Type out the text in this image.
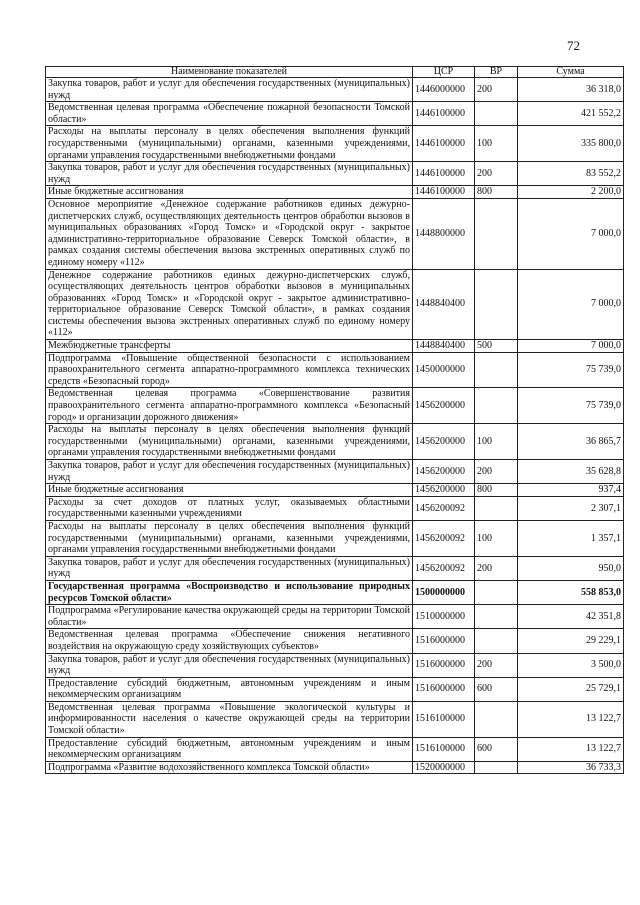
72
Наименование показателей	ЦСР	ВР	Сумма
Закупка товаров, работ и услуг для обеспечения государственных (муниципальных) нужд	1446000000	200	36 318,0
Ведомственная целевая программа «Обеспечение пожарной безопасности Томской области»	1446100000		421 552,2
Расходы на выплаты персоналу в целях обеспечения выполнения функций государственными (муниципальными) органами, казенными учреждениями, органами управления государственными внебюджетными фондами	1446100000	100	335 800,0
Закупка товаров, работ и услуг для обеспечения государственных (муниципальных) нужд	1446100000	200	83 552,2
Иные бюджетные ассигнования	1446100000	800	2 200,0
Основное мероприятие «Денежное содержание работников единых дежурно-диспетчерских служб, осуществляющих деятельность центров обработки вызовов в муниципальных образованиях «Город Томск» и «Городской округ - закрытое административно-территориальное образование Северск Томской области», в рамках создания системы обеспечения вызова экстренных оперативных служб по единому номеру «112»	1448800000		7 000,0
Денежное содержание работников единых дежурно-диспетчерских служб, осуществляющих деятельность центров обработки вызовов в муниципальных образованиях «Город Томск» и «Городской округ - закрытое административно-территориальное образование Северск Томской области», в рамках создания системы обеспечения вызова экстренных оперативных служб по единому номеру «112»	1448840400		7 000,0
Межбюджетные трансферты	1448840400	500	7 000,0
Подпрограмма «Повышение общественной безопасности с использованием правоохранительного сегмента аппаратно-программного комплекса технических средств «Безопасный город»	1450000000		75 739,0
Ведомственная целевая программа «Совершенствование развития правоохранительного сегмента аппаратно-программного комплекса «Безопасный город» и организации дорожного движения»	1456200000		75 739,0
Расходы на выплаты персоналу в целях обеспечения выполнения функций государственными (муниципальными) органами, казенными учреждениями, органами управления государственными внебюджетными фондами	1456200000	100	36 865,7
Закупка товаров, работ и услуг для обеспечения государственных (муниципальных) нужд	1456200000	200	35 628,8
Иные бюджетные ассигнования	1456200000	800	937,4
Расходы за счет доходов от платных услуг, оказываемых областными государственными казенными учреждениями	1456200092		2 307,1
Расходы на выплаты персоналу в целях обеспечения выполнения функций государственными (муниципальными) органами, казенными учреждениями, органами управления государственными внебюджетными фондами	1456200092	100	1 357,1
Закупка товаров, работ и услуг для обеспечения государственных (муниципальных) нужд	1456200092	200	950,0
Государственная программа «Воспроизводство и использование природных ресурсов Томской области»	1500000000		558 853,0
Подпрограмма «Регулирование качества окружающей среды на территории Томской области»	1510000000		42 351,8
Ведомственная целевая программа «Обеспечение снижения негативного воздействия на окружающую среду хозяйствующих субъектов»	1516000000		29 229,1
Закупка товаров, работ и услуг для обеспечения государственных (муниципальных) нужд	1516000000	200	3 500,0
Предоставление субсидий бюджетным, автономным учреждениям и иным некоммерческим организациям	1516000000	600	25 729,1
Ведомственная целевая программа «Повышение экологической культуры и информированности населения о качестве окружающей среды на территории Томской области»	1516100000		13 122,7
Предоставление субсидий бюджетным, автономным учреждениям и иным некоммерческим организациям	1516100000	600	13 122,7
Подпрограмма «Развитие водохозяйственного комплекса Томской области»	1520000000		36 733,3
